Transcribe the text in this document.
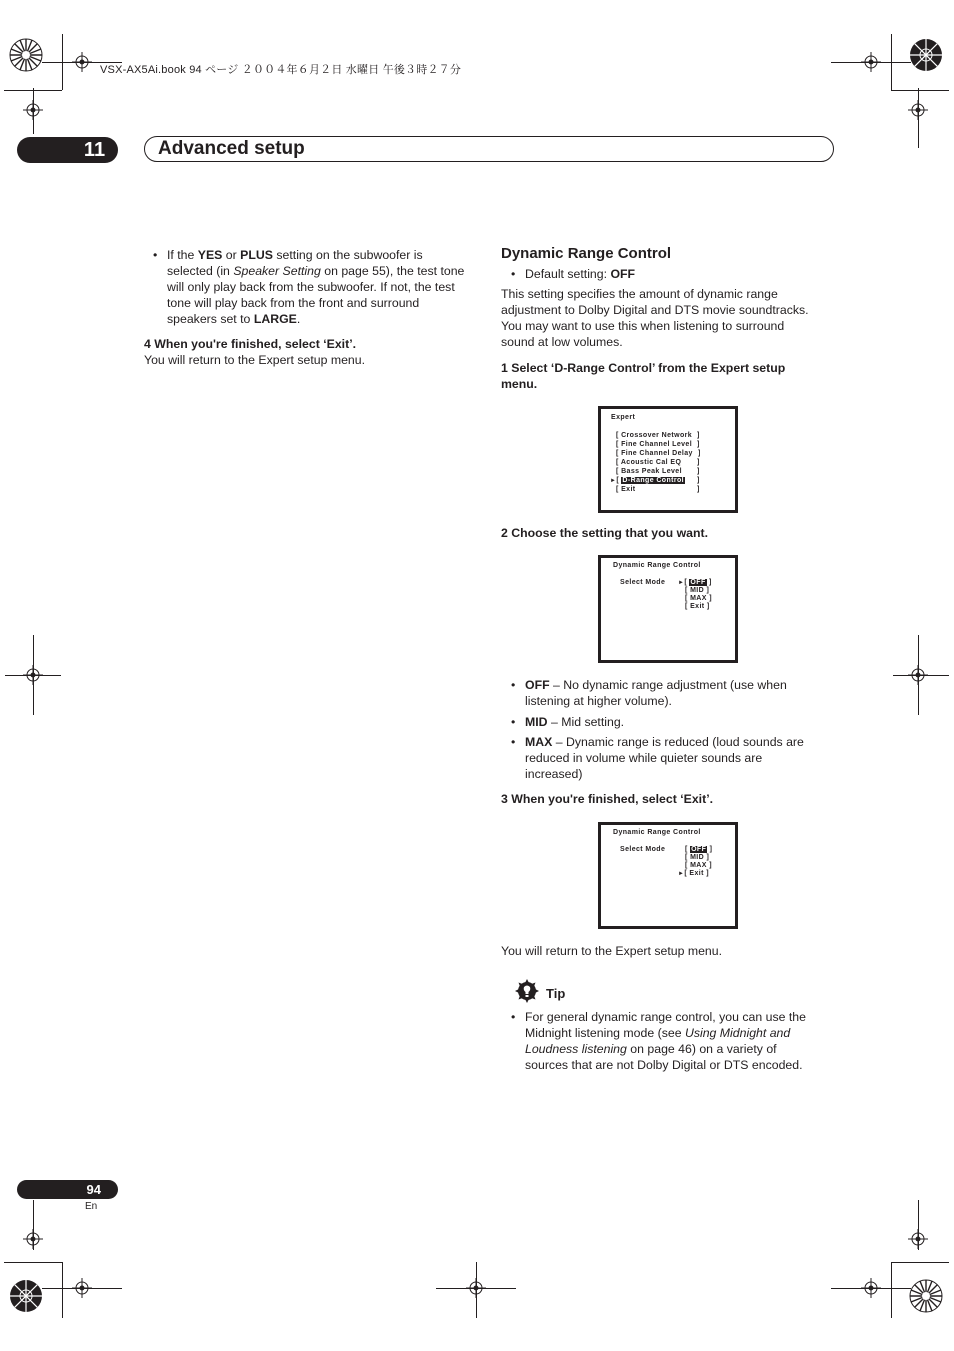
VSX-AX5Ai.book 94 ページ ２００４年６月２日 水曜日 午後３時２７分
11	Advanced setup
• If the YES or PLUS setting on the subwoofer is
selected (in Speaker Setting on page 55), the test tone
will only play back from the subwoofer. If not, the test
tone will play back from the front and surround
speakers set to LARGE.
4 When you're finished, select ‘Exit’.
You will return to the Expert setup menu.
Dynamic Range Control
• Default setting: OFF
This setting specifies the amount of dynamic range
adjustment to Dolby Digital and DTS movie soundtracks.
You may want to use this when listening to surround
sound at low volumes.
1 Select ‘D-Range Control’ from the Expert setup
menu.
Expert
[ Crossover Network
[ Fine Channel Level
[ Fine Channel Delay
[ Acoustic Cal EQ
[ Bass Peak Level
►[ D-Range Control
[ Exit
]
]
]
]
]
]
]
2 Choose the setting that you want.
Dynamic Range Control
Select Mode ►[ OFF ]
[ MID ]
[ MAX ]
[ Exit ]
• OFF – No dynamic range adjustment (use when
listening at higher volume).
• MID – Mid setting.
• MAX – Dynamic range is reduced (loud sounds are
reduced in volume while quieter sounds are
increased)
3 When you're finished, select ‘Exit’.
Dynamic Range Control
Select Mode	[ OFF ]
[ MID ]
[ MAX ]
►[ Exit ]
You will return to the Expert setup menu.
Tip
• For general dynamic range control, you can use the
Midnight listening mode (see Using Midnight and
Loudness listening on page 46) on a variety of
sources that are not Dolby Digital or DTS encoded.
94
En
